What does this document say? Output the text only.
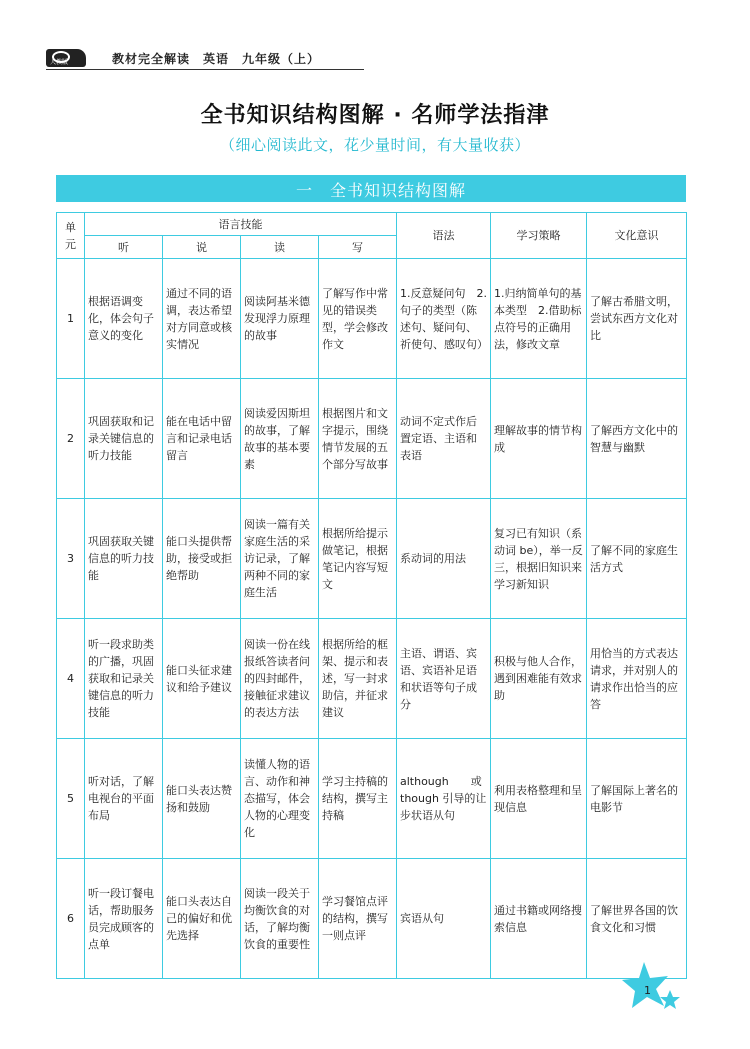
人教版	教材完全解读　英语　九年级（上）
全书知识结构图解 · 名师学法指津
（细心阅读此文，花少量时间，有大量收获）
一　全书知识结构图解
单元	语言技能				语法	学习策略	文化意识
	听	说	读	写			
1	根据语调变化，体会句子意义的变化	通过不同的语调，表达希望对方同意或核实情况	阅读阿基米德发现浮力原理的故事	了解写作中常见的错误类型，学会修改作文	1.反意疑问句　2.句子的类型（陈述句、疑问句、祈使句、感叹句）	1.归纳简单句的基本类型　2.借助标点符号的正确用法，修改文章	了解古希腊文明，尝试东西方文化对比
2	巩固获取和记录关键信息的听力技能	能在电话中留言和记录电话留言	阅读爱因斯坦的故事，了解故事的基本要素	根据图片和文字提示，围绕情节发展的五个部分写故事	动词不定式作后置定语、主语和表语	理解故事的情节构成	了解西方文化中的智慧与幽默
3	巩固获取关键信息的听力技能	能口头提供帮助，接受或拒绝帮助	阅读一篇有关家庭生活的采访记录，了解两种不同的家庭生活	根据所给提示做笔记，根据笔记内容写短文	系动词的用法	复习已有知识（系动词 be），举一反三，根据旧知识来学习新知识	了解不同的家庭生活方式
4	听一段求助类的广播，巩固获取和记录关键信息的听力技能	能口头征求建议和给予建议	阅读一份在线报纸答读者问的四封邮件，接触征求建议的表达方法	根据所给的框架、提示和表述，写一封求助信，并征求建议	主语、谓语、宾语、宾语补足语和状语等句子成分	积极与他人合作，遇到困难能有效求助	用恰当的方式表达请求，并对别人的请求作出恰当的应答
5	听对话，了解电视台的平面布局	能口头表达赞扬和鼓励	读懂人物的语言、动作和神态描写，体会人物的心理变化	学习主持稿的结构，撰写主持稿	although　　或 though 引导的让步状语从句	利用表格整理和呈现信息	了解国际上著名的电影节
6	听一段订餐电话，帮助服务员完成顾客的点单	能口头表达自己的偏好和优先选择	阅读一段关于均衡饮食的对话，了解均衡饮食的重要性	学习餐馆点评的结构，撰写一则点评	宾语从句	通过书籍或网络搜索信息	了解世界各国的饮食文化和习惯
1
